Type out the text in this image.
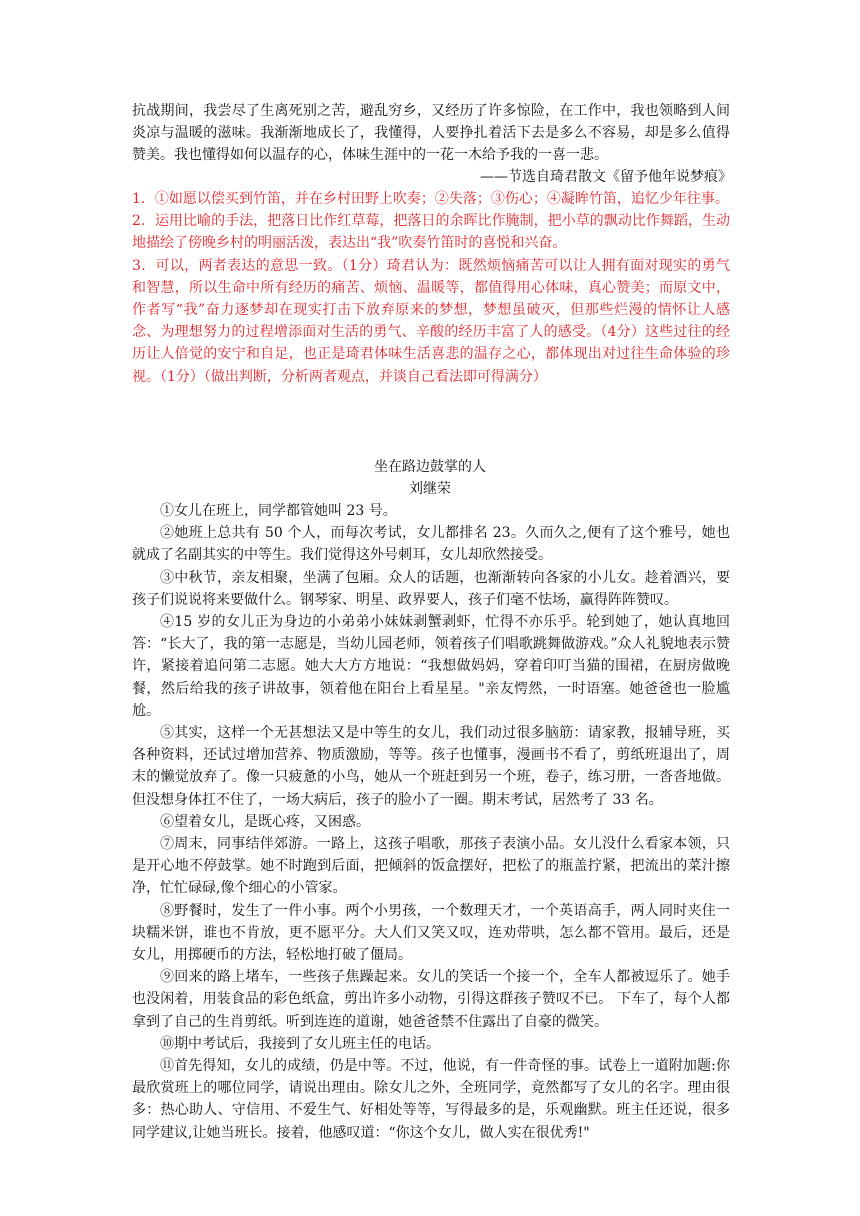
抗战期间，我尝尽了生离死别之苦，避乱穷乡，又经历了许多惊险，在工作中，我也领略到人间炎凉与温暖的滋味。我渐渐地成长了，我懂得，人要挣扎着活下去是多么不容易，却是多么值得赞美。我也懂得如何以温存的心，体味生涯中的一花一木给予我的一喜一悲。
——节选自琦君散文《留予他年说梦痕》

1．①如愿以偿买到竹笛，并在乡村田野上吹奏；②失落；③伤心；④凝眸竹笛，追忆少年往事。

2．运用比喻的手法，把落日比作红草莓，把落日的余晖比作腌制，把小草的飘动比作舞蹈，生动地描绘了傍晚乡村的明丽活泼，表达出“我”吹奏竹笛时的喜悦和兴奋。

3．可以，两者表达的意思一致。（1分）琦君认为：既然烦恼痛苦可以让人拥有面对现实的勇气和智慧，所以生命中所有经历的痛苦、烦恼、温暖等，都值得用心体味，真心赞美；而原文中，作者写“我”奋力逐梦却在现实打击下放弃原来的梦想，梦想虽破灭，但那些烂漫的情怀让人感念、为理想努力的过程增添面对生活的勇气、辛酸的经历丰富了人的感受。（4分）这些过往的经历让人倍觉的安宁和自足，也正是琦君体味生活喜悲的温存之心，都体现出对过往生命体验的珍视。（1分）（做出判断，分析两者观点，并谈自己看法即可得满分）

坐在路边鼓掌的人
刘继荣

①女儿在班上，同学都管她叫 23 号。

②她班上总共有 50 个人，而每次考试，女儿都排名 23。久而久之,便有了这个雅号，她也就成了名副其实的中等生。我们觉得这外号刺耳，女儿却欣然接受。

③中秋节，亲友相聚，坐满了包厢。众人的话题，也渐渐转向各家的小儿女。趁着酒兴，要孩子们说说将来要做什么。钢琴家、明星、政界要人，孩子们毫不怯场，赢得阵阵赞叹。

④15 岁的女儿正为身边的小弟弟小妹妹剥蟹剥虾，忙得不亦乐乎。轮到她了，她认真地回答：“长大了，我的第一志愿是，当幼儿园老师，领着孩子们唱歌跳舞做游戏。”众人礼貌地表示赞许，紧接着追问第二志愿。她大大方方地说：“我想做妈妈，穿着印叮当猫的围裙，在厨房做晚餐，然后给我的孩子讲故事，领着他在阳台上看星星。"亲友愕然，一时语塞。她爸爸也一脸尴尬。

⑤其实，这样一个无甚想法又是中等生的女儿，我们动过很多脑筋：请家教，报辅导班，买各种资料，还试过增加营养、物质激励，等等。孩子也懂事，漫画书不看了，剪纸班退出了，周末的懒觉放弃了。像一只疲惫的小鸟，她从一个班赶到另一个班，卷子，练习册，一沓沓地做。但没想身体扛不住了，一场大病后，孩子的脸小了一圈。期末考试，居然考了 33 名。

⑥望着女儿，是既心疼，又困惑。

⑦周末，同事结伴郊游。一路上，这孩子唱歌，那孩子表演小品。女儿没什么看家本领，只是开心地不停鼓掌。她不时跑到后面，把倾斜的饭盒摆好，把松了的瓶盖拧紧，把流出的菜汁擦净，忙忙碌碌,像个细心的小管家。

⑧野餐时，发生了一件小事。两个小男孩，一个数理天才，一个英语高手，两人同时夹住一块糯米饼，谁也不肯放，更不愿平分。大人们又笑又叹，连劝带哄，怎么都不管用。最后，还是女儿，用掷硬币的方法，轻松地打破了僵局。

⑨回来的路上堵车，一些孩子焦躁起来。女儿的笑话一个接一个，全车人都被逗乐了。她手也没闲着，用装食品的彩色纸盒，剪出许多小动物，引得这群孩子赞叹不已。 下车了，每个人都拿到了自己的生肖剪纸。听到连连的道谢，她爸爸禁不住露出了自豪的微笑。

⑩期中考试后，我接到了女儿班主任的电话。

⑪首先得知，女儿的成绩，仍是中等。不过，他说，有一件奇怪的事。试卷上一道附加题:你最欣赏班上的哪位同学，请说出理由。除女儿之外，全班同学，竟然都写了女儿的名字。理由很多：热心助人、守信用、不爱生气、好相处等等，写得最多的是，乐观幽默。班主任还说，很多同学建议,让她当班长。接着，他感叹道：“你这个女儿，做人实在很优秀!"
